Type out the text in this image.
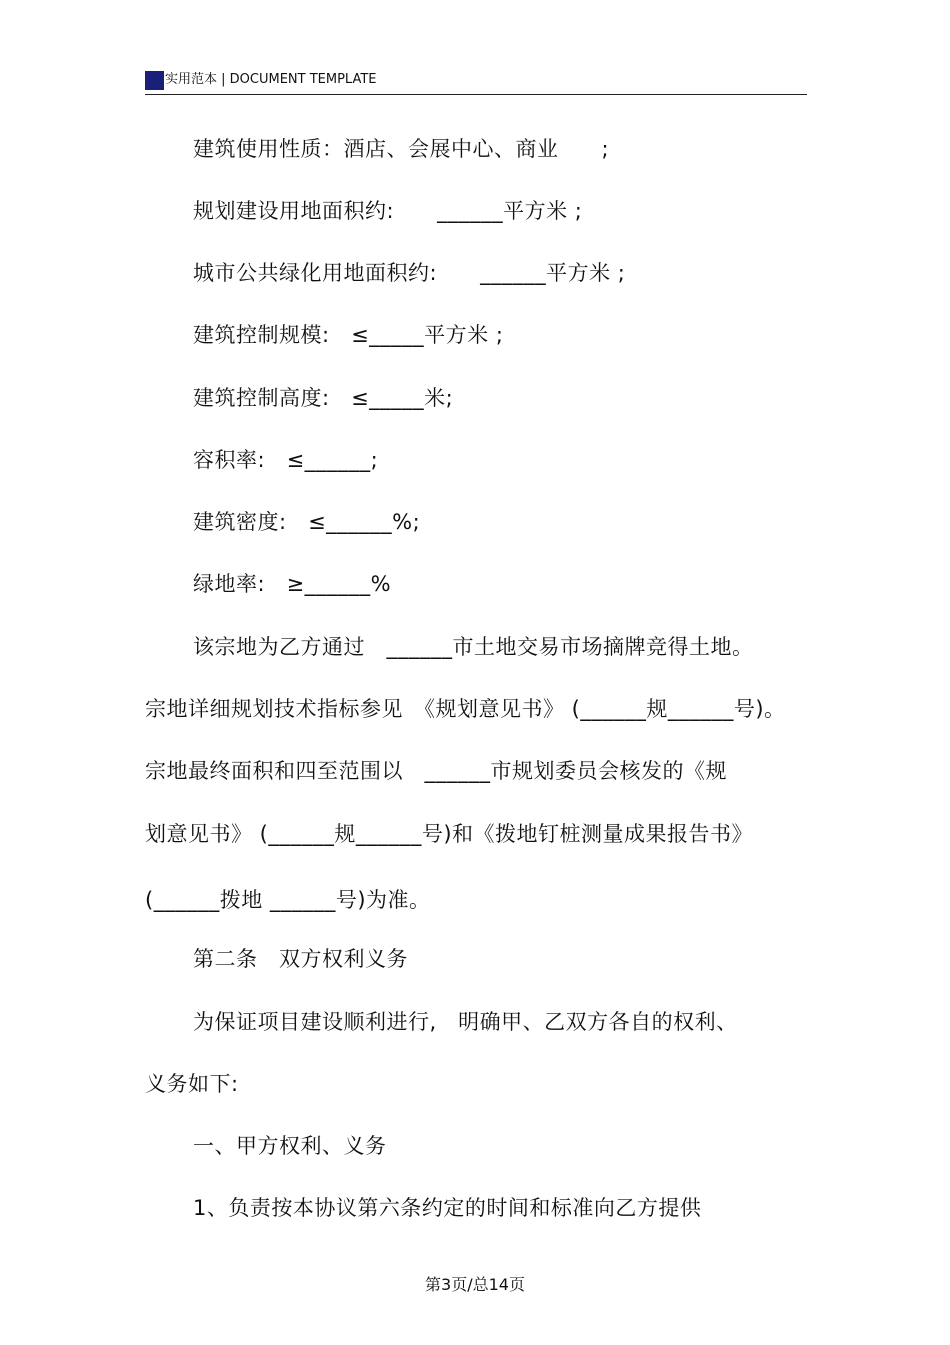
实用范本 | DOCUMENT TEMPLATE
建筑使用性质：酒店、会展中心、商业　　;
规划建设用地面积约:　　______平方米 ;
城市公共绿化用地面积约:　　______平方米 ;
建筑控制规模:　≤_____平方米 ;
建筑控制高度:　≤_____米;
容积率:　≤______;
建筑密度:　≤______%;
绿地率:　≥______%
该宗地为乙方通过　______市土地交易市场摘牌竞得土地。
宗地详细规划技术指标参见　《规划意见书》 (______规______号)。
宗地最终面积和四至范围以　______市规划委员会核发的《规
划意见书》 (______规______号)和《拨地钉桩测量成果报告书》
(______拨地 ______号)为准。
第二条　双方权利义务
为保证项目建设顺利进行,　明确甲、乙双方各自的权利、
义务如下:
一、甲方权利、义务
1、负责按本协议第六条约定的时间和标准向乙方提供
第3页/总14页
